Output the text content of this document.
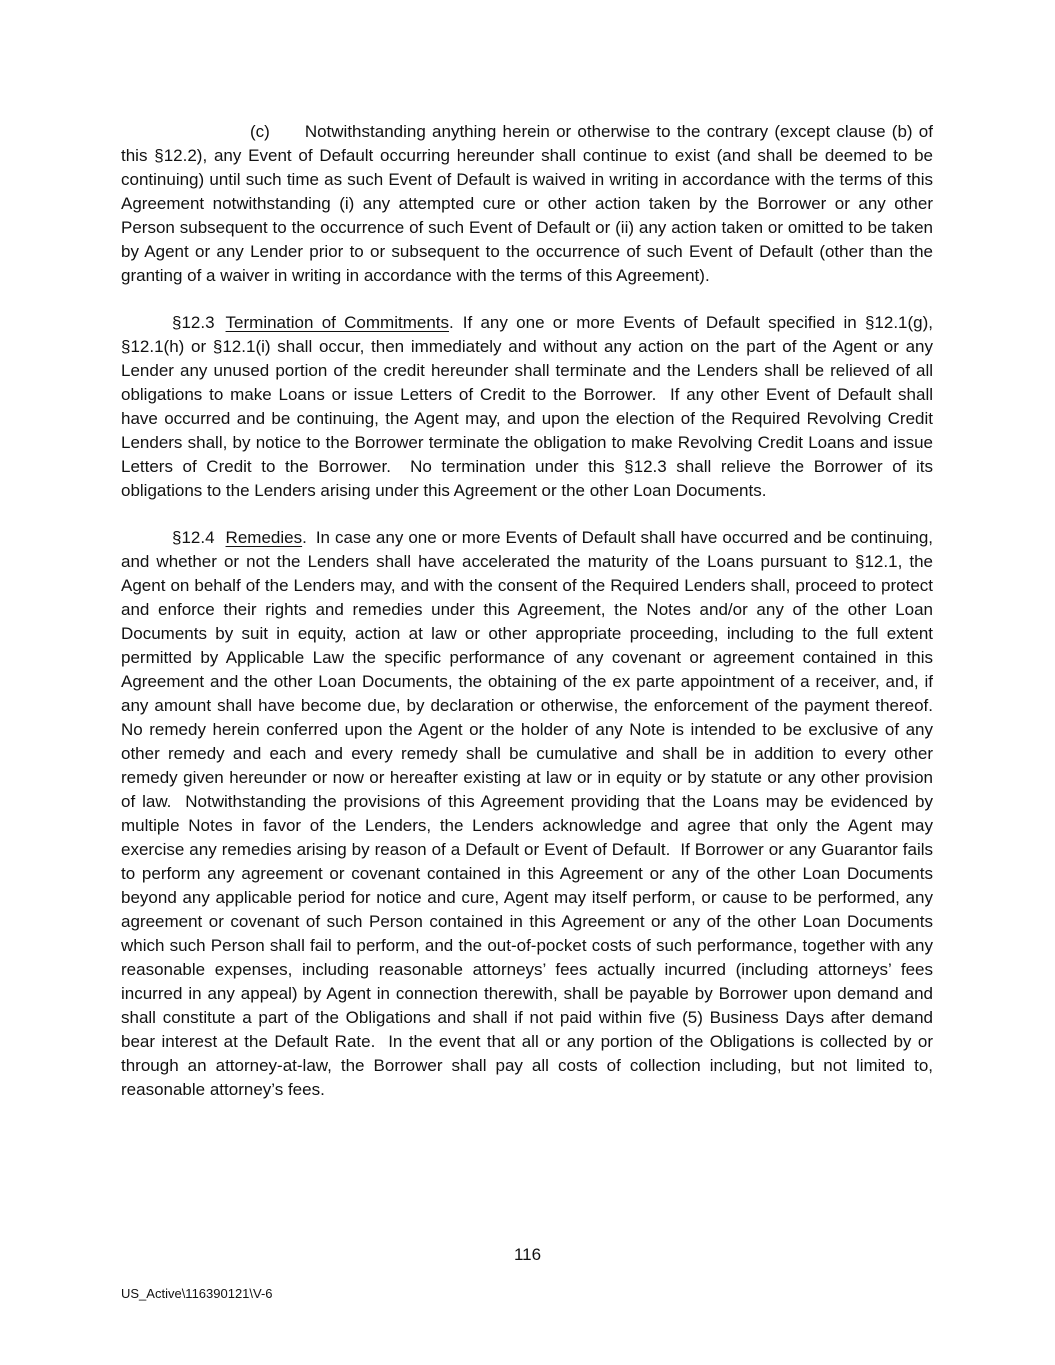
(c) Notwithstanding anything herein or otherwise to the contrary (except clause (b) of this §12.2), any Event of Default occurring hereunder shall continue to exist (and shall be deemed to be continuing) until such time as such Event of Default is waived in writing in accordance with the terms of this Agreement notwithstanding (i) any attempted cure or other action taken by the Borrower or any other Person subsequent to the occurrence of such Event of Default or (ii) any action taken or omitted to be taken by Agent or any Lender prior to or subsequent to the occurrence of such Event of Default (other than the granting of a waiver in writing in accordance with the terms of this Agreement).

§12.3 Termination of Commitments. If any one or more Events of Default specified in §12.1(g), §12.1(h) or §12.1(i) shall occur, then immediately and without any action on the part of the Agent or any Lender any unused portion of the credit hereunder shall terminate and the Lenders shall be relieved of all obligations to make Loans or issue Letters of Credit to the Borrower.  If any other Event of Default shall have occurred and be continuing, the Agent may, and upon the election of the Required Revolving Credit Lenders shall, by notice to the Borrower terminate the obligation to make Revolving Credit Loans and issue Letters of Credit to the Borrower.  No termination under this §12.3 shall relieve the Borrower of its obligations to the Lenders arising under this Agreement or the other Loan Documents.

§12.4 Remedies. In case any one or more Events of Default shall have occurred and be continuing, and whether or not the Lenders shall have accelerated the maturity of the Loans pursuant to §12.1, the Agent on behalf of the Lenders may, and with the consent of the Required Lenders shall, proceed to protect and enforce their rights and remedies under this Agreement, the Notes and/or any of the other Loan Documents by suit in equity, action at law or other appropriate proceeding, including to the full extent permitted by Applicable Law the specific performance of any covenant or agreement contained in this Agreement and the other Loan Documents, the obtaining of the ex parte appointment of a receiver, and, if any amount shall have become due, by declaration or otherwise, the enforcement of the payment thereof.  No remedy herein conferred upon the Agent or the holder of any Note is intended to be exclusive of any other remedy and each and every remedy shall be cumulative and shall be in addition to every other remedy given hereunder or now or hereafter existing at law or in equity or by statute or any other provision of law.  Notwithstanding the provisions of this Agreement providing that the Loans may be evidenced by multiple Notes in favor of the Lenders, the Lenders acknowledge and agree that only the Agent may exercise any remedies arising by reason of a Default or Event of Default.  If Borrower or any Guarantor fails to perform any agreement or covenant contained in this Agreement or any of the other Loan Documents beyond any applicable period for notice and cure, Agent may itself perform, or cause to be performed, any agreement or covenant of such Person contained in this Agreement or any of the other Loan Documents which such Person shall fail to perform, and the out-of-pocket costs of such performance, together with any reasonable expenses, including reasonable attorneys’ fees actually incurred (including attorneys’ fees incurred in any appeal) by Agent in connection therewith, shall be payable by Borrower upon demand and shall constitute a part of the Obligations and shall if not paid within five (5) Business Days after demand bear interest at the Default Rate.  In the event that all or any portion of the Obligations is collected by or through an attorney-at-law, the Borrower shall pay all costs of collection including, but not limited to, reasonable attorney’s fees.

116
US_Active\116390121\V-6
